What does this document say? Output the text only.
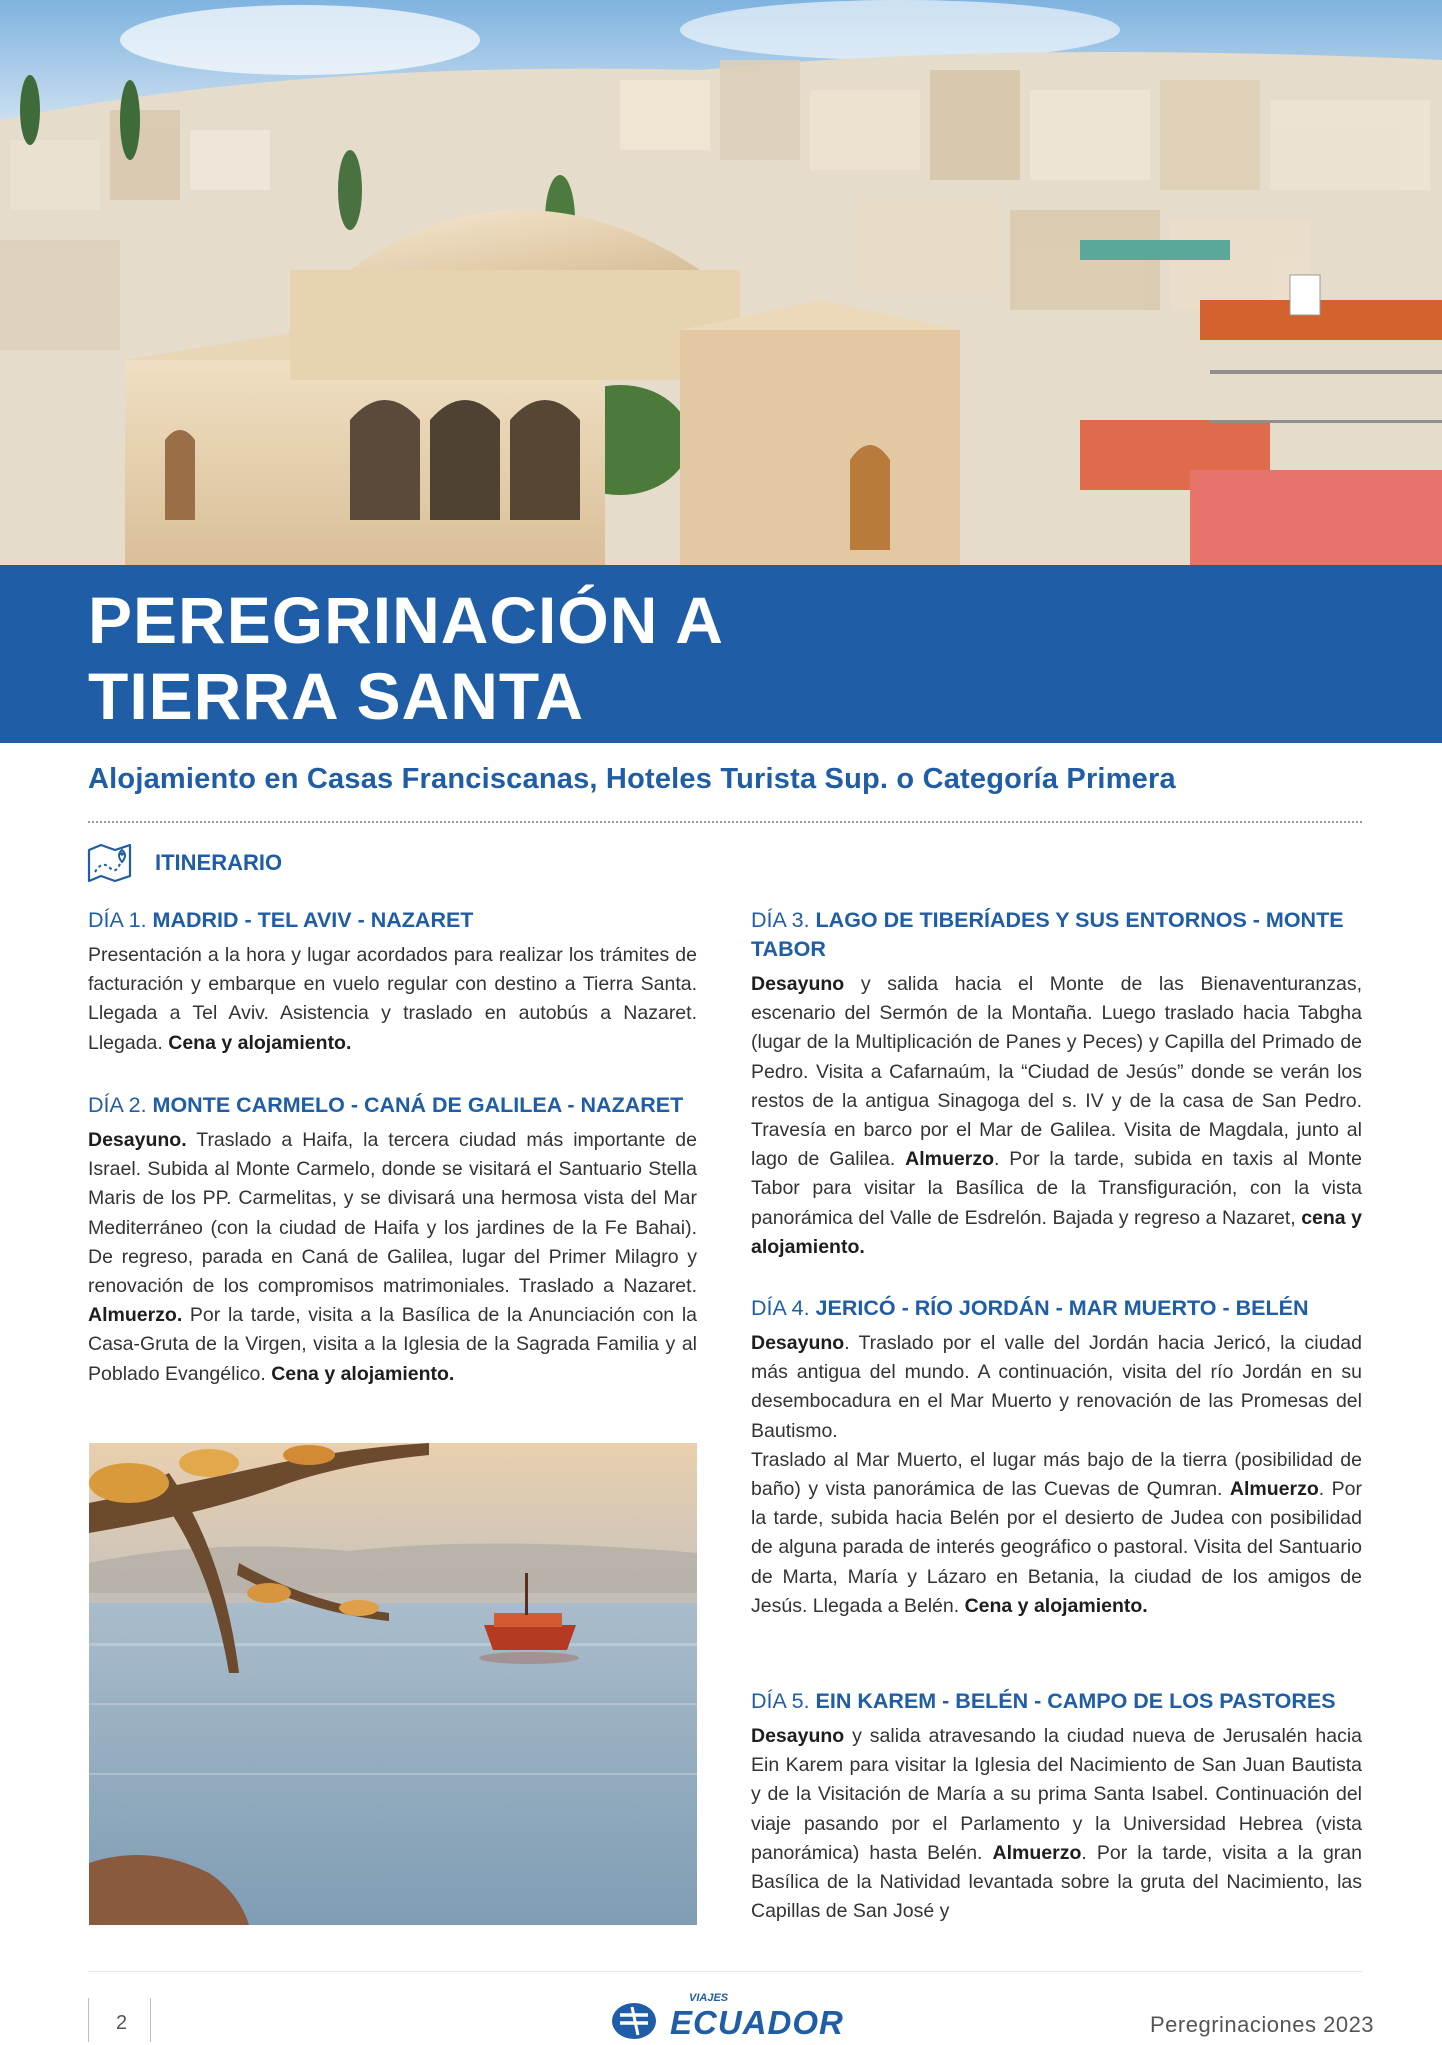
PEREGRINACIÓN A
TIERRA SANTA
Alojamiento en Casas Franciscanas, Hoteles Turista Sup. o Categoría Primera
ITINERARIO
DÍA 1. MADRID - TEL AVIV - NAZARET

Presentación a la hora y lugar acordados para realizar los trámites de facturación y embarque en vuelo regular con destino a Tierra Santa. Llegada a Tel Aviv. Asistencia y traslado en autobús a Nazaret. Llegada. Cena y alojamiento.

DÍA 2. MONTE CARMELO - CANÁ DE GALILEA - NAZARET

Desayuno. Traslado a Haifa, la tercera ciudad más importante de Israel. Subida al Monte Carmelo, donde se visitará el Santuario Stella Maris de los PP. Carmelitas, y se divisará una hermosa vista del Mar Mediterráneo (con la ciudad de Haifa y los jardines de la Fe Bahai). De regreso, parada en Caná de Galilea, lugar del Primer Milagro y renovación de los compromisos matrimoniales. Traslado a Nazaret. Almuerzo. Por la tarde, visita a la Basílica de la Anunciación con la Casa-Gruta de la Virgen, visita a la Iglesia de la Sagrada Familia y al Poblado Evangélico. Cena y alojamiento.

DÍA 3. LAGO DE TIBERÍADES Y SUS ENTORNOS - MONTE TABOR

Desayuno y salida hacia el Monte de las Bienaventuranzas, escenario del Sermón de la Montaña. Luego traslado hacia Tabgha (lugar de la Multiplicación de Panes y Peces) y Capilla del Primado de Pedro. Visita a Cafarnaúm, la “Ciudad de Jesús” donde se verán los restos de la antigua Sinagoga del s. IV y de la casa de San Pedro. Travesía en barco por el Mar de Galilea. Visita de Magdala, junto al lago de Galilea. Almuerzo. Por la tarde, subida en taxis al Monte Tabor para visitar la Basílica de la Transfiguración, con la vista panorámica del Valle de Esdrelón. Bajada y regreso a Nazaret, cena y alojamiento.

DÍA 4. JERICÓ - RÍO JORDÁN - MAR MUERTO - BELÉN

Desayuno. Traslado por el valle del Jordán hacia Jericó, la ciudad más antigua del mundo. A continuación, visita del río Jordán en su desembocadura en el Mar Muerto y renovación de las Promesas del Bautismo.
Traslado al Mar Muerto, el lugar más bajo de la tierra (posibilidad de baño) y vista panorámica de las Cuevas de Qumran. Almuerzo. Por la tarde, subida hacia Belén por el desierto de Judea con posibilidad de alguna parada de interés geográfico o pastoral. Visita del Santuario de Marta, María y Lázaro en Betania, la ciudad de los amigos de Jesús. Llegada a Belén. Cena y alojamiento.

DÍA 5. EIN KAREM - BELÉN - CAMPO DE LOS PASTORES

Desayuno y salida atravesando la ciudad nueva de Jerusalén hacia Ein Karem para visitar la Iglesia del Nacimiento de San Juan Bautista y de la Visitación de María a su prima Santa Isabel. Continuación del viaje pasando por el Parlamento y la Universidad Hebrea (vista panorámica) hasta Belén. Almuerzo. Por la tarde, visita a la gran Basílica de la Natividad levantada sobre la gruta del Nacimiento, las Capillas de San José y

2
VIAJES
ECUADOR	Peregrinaciones 2023
